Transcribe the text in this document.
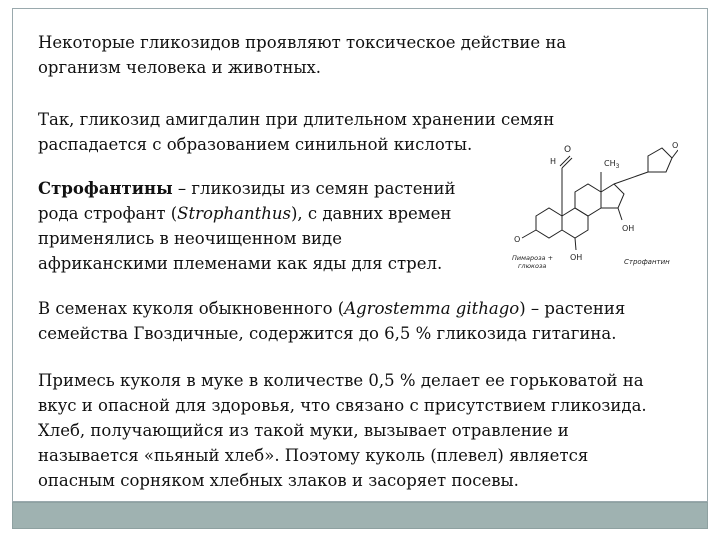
Некоторые гликозидов проявляют токсическое действие на
организм человека и животных.

Так, гликозид амигдалин при длительном хранении семян
распадается с образованием синильной кислоты.

Строфантины – гликозиды из семян растений
рода строфант (Strophanthus), с давних времен
применялись в неочищенном виде
африканскими племенами как яды для стрел.

В семенах куколя обыкновенного (Agrostemma githago) – растения
семейства Гвоздичные, содержится до 6,5 % гликозида гитагина.

Примесь куколя в муке в количестве 0,5 % делает ее горьковатой на
вкус и опасной для здоровья, что связано с присутствием гликозида.
Хлеб, получающийся из такой муки, вызывает отравление и
называется «пьяный хлеб». Поэтому куколь (плевел) является
опасным сорняком хлебных злаков и засоряет посевы.

O
H	$CH_3$
O
OH
OH
O
Пимароза +
глюкоза	Строфантин
